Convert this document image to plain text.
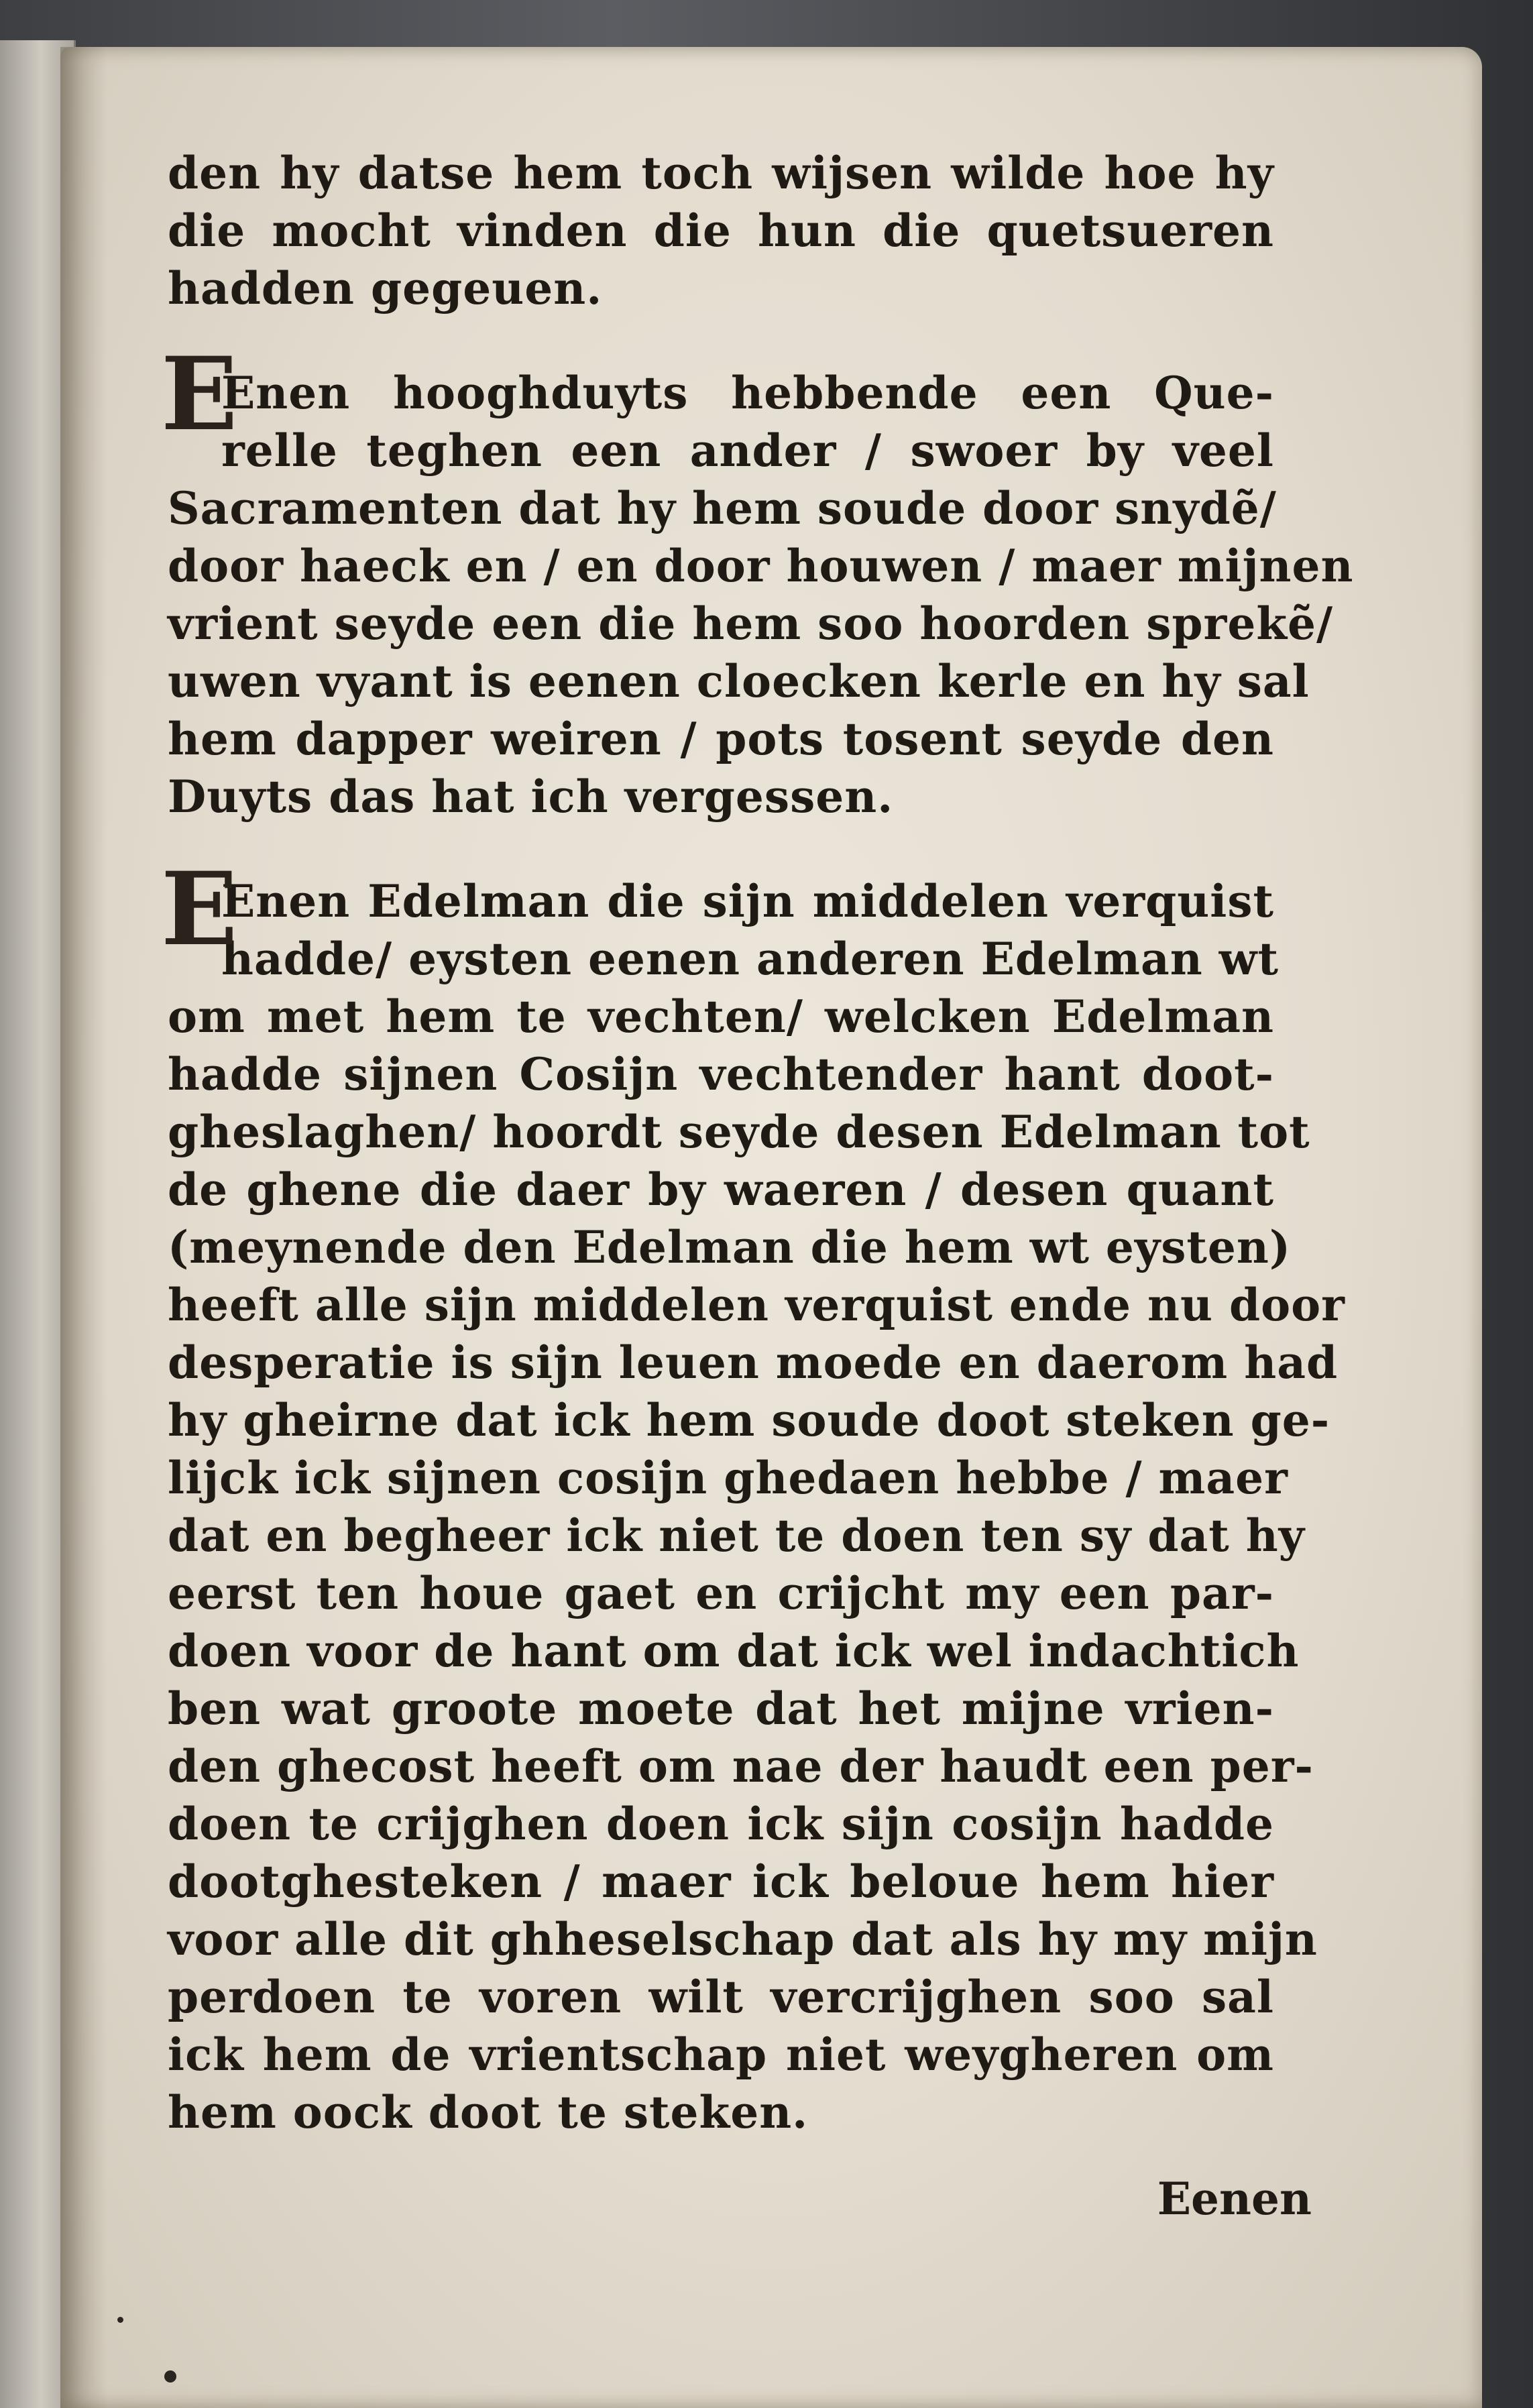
den hy datse hem toch wijsen wilde hoe hy
die mocht vinden die hun die quetsueren
hadden gegeuen.
E
Enen hooghduyts hebbende een Que-
relle teghen een ander / swoer by veel
Sacramenten dat hy hem soude door snydẽ/
door haeck en / en door houwen / maer mijnen
vrient seyde een die hem soo hoorden sprekẽ/
uwen vyant is eenen cloecken kerle en hy sal
hem dapper weiren / pots tosent seyde den
Duyts das hat ich vergessen.
E
Enen Edelman die sijn middelen verquist
hadde/ eysten eenen anderen Edelman wt
om met hem te vechten/ welcken Edelman
hadde sijnen Cosijn vechtender hant doot-
gheslaghen/ hoordt seyde desen Edelman tot
de ghene die daer by waeren / desen quant
(meynende den Edelman die hem wt eysten)
heeft alle sijn middelen verquist ende nu door
desperatie is sijn leuen moede en daerom had
hy gheirne dat ick hem soude doot steken ge-
lijck ick sijnen cosijn ghedaen hebbe / maer
dat en begheer ick niet te doen ten sy dat hy
eerst ten houe gaet en crijcht my een par-
doen voor de hant om dat ick wel indachtich
ben wat groote moete dat het mijne vrien-
den ghecost heeft om nae der haudt een per-
doen te crijghen doen ick sijn cosijn hadde
dootghesteken / maer ick beloue hem hier
voor alle dit ghheselschap dat als hy my mijn
perdoen te voren wilt vercrijghen soo sal
ick hem de vrientschap niet weygheren om
hem oock doot te steken.
Eenen
